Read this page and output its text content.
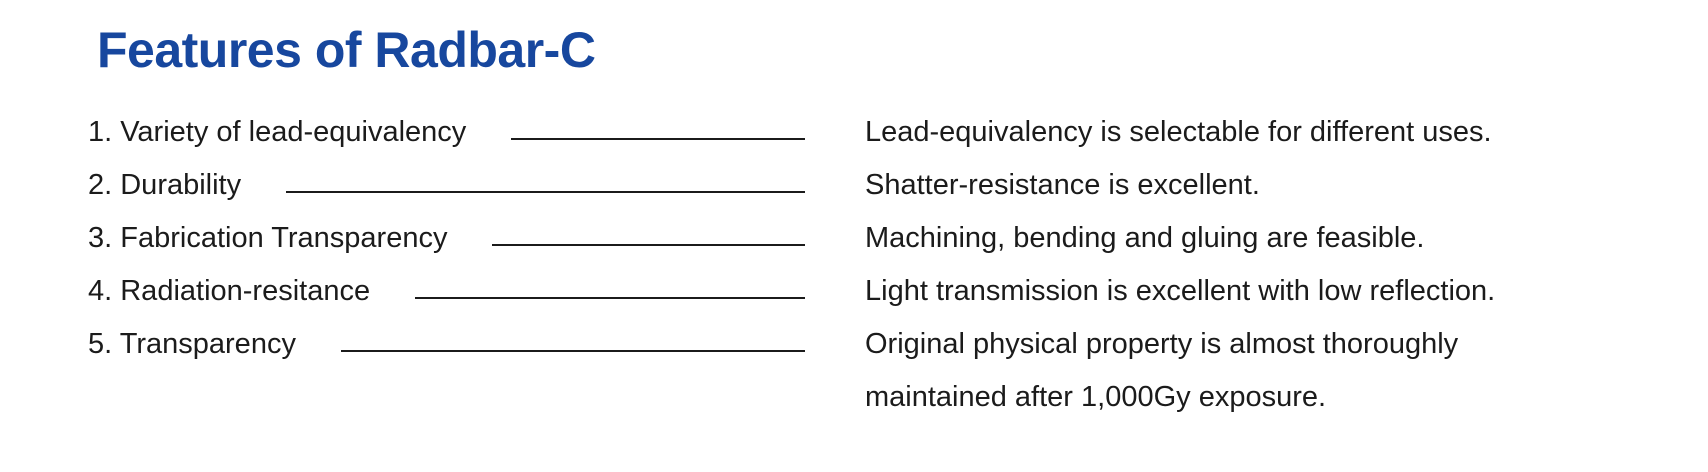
Features of Radbar-C
1. Variety of lead-equivalency	Lead-equivalency is selectable for different uses.
2. Durability	Shatter-resistance is excellent.
3. Fabrication Transparency	Machining, bending and gluing are feasible.
4. Radiation-resitance	Light transmission is excellent with low reflection.
5. Transparency	Original physical property is almost thoroughly
maintained after 1,000Gy exposure.
